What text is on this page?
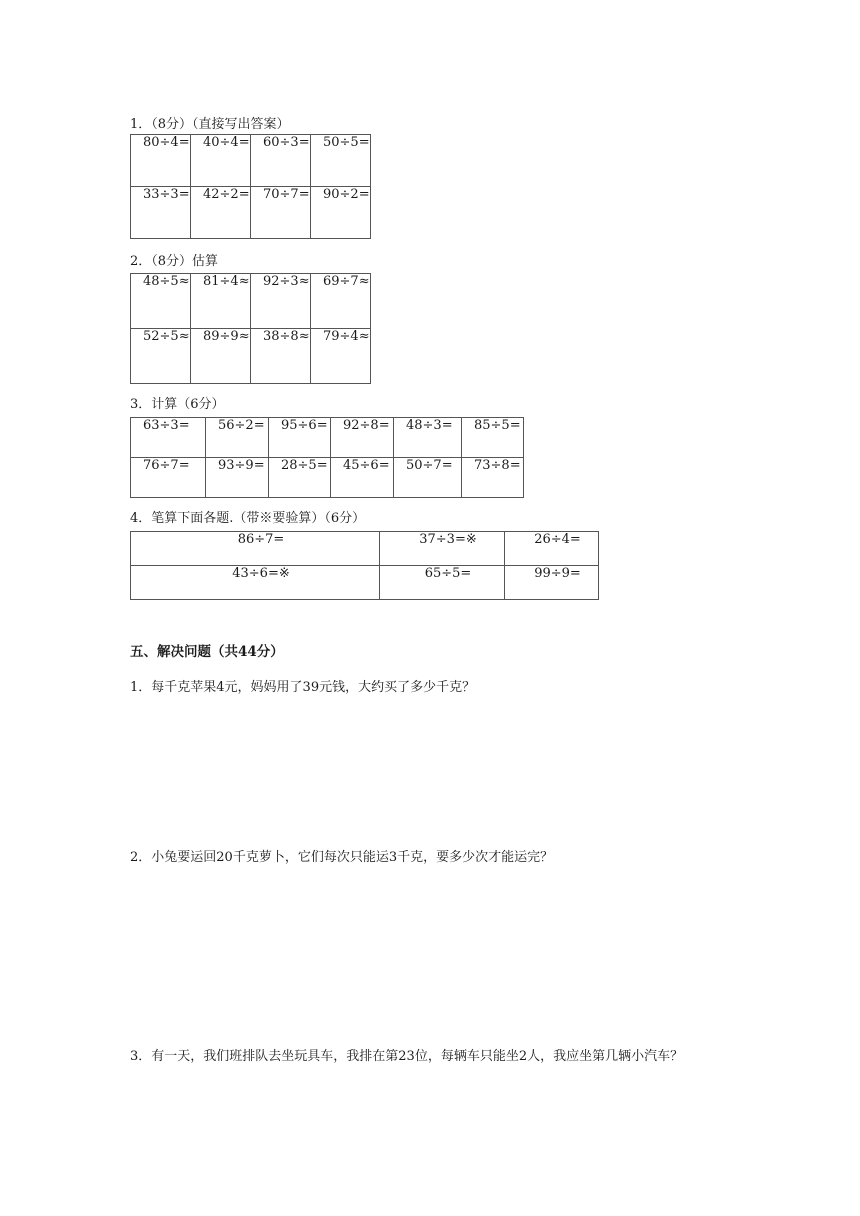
1．（8分）（直接写出答案）
80÷4=	40÷4=	60÷3=	50÷5=
33÷3=	42÷2=	70÷7=	90÷2=
2．（8分）估算
48÷5≈	81÷4≈	92÷3≈	69÷7≈
52÷5≈	89÷9≈	38÷8≈	79÷4≈
3．计算（6分）
63÷3=	56÷2=	95÷6=	92÷8=	48÷3=	85÷5=
76÷7=	93÷9=	28÷5=	45÷6=	50÷7=	73÷8=
4．笔算下面各题.（带※要验算）（6分）
86÷7=	37÷3=※	26÷4=
43÷6=※	65÷5=	99÷9=
五、解决问题（共44分）
1．每千克苹果4元，妈妈用了39元钱，大约买了多少千克？
2．小兔要运回20千克萝卜，它们每次只能运3千克，要多少次才能运完？
3．有一天，我们班排队去坐玩具车，我排在第23位，每辆车只能坐2人，我应坐第几辆小汽车？
